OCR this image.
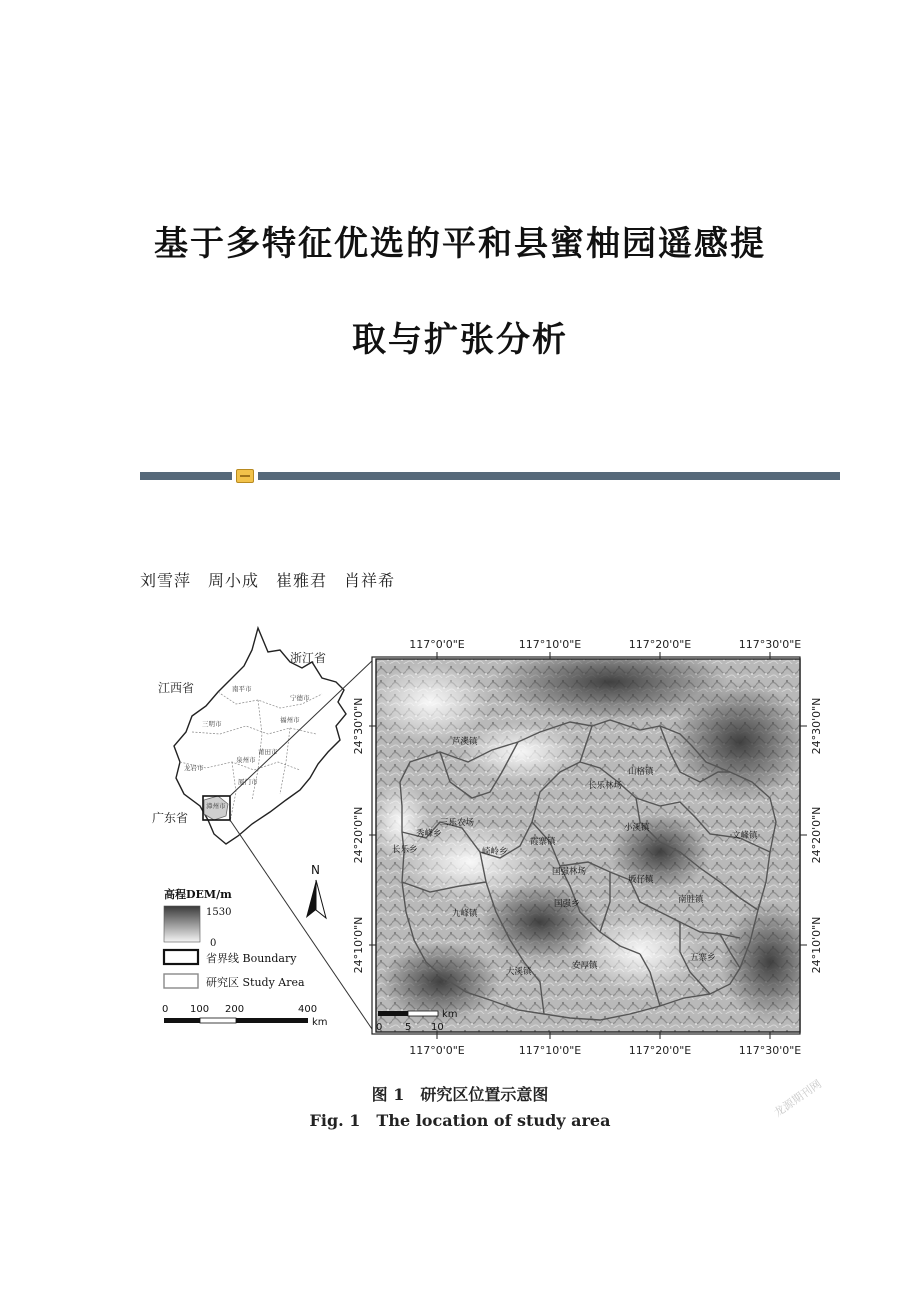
基于多特征优选的平和县蜜柚园遥感提
取与扩张分析
刘雪萍　周小成　崔雅君　肖祥希
浙江省
江西省
广东省
南平市
宁德市
三明市	福州市
龙岩市
泉州市
莆田市
厦门市
漳州市
N
高程DEM/m
1530
0
省界线 Boundary
研究区 Study Area
0 100 200	400
km
117°0'0"E	117°10'0"E	117°20'0"E	117°30'0"E
117°0'0"E	117°10'0"E	117°20'0"E	117°30'0"E
24°30'0"N
24°20'0"N
24°10'0"N
24°30'0"N
24°20'0"N
24°10'0"N
芦溪镇
山格镇
长乐林场
文峰镇
霞寨镇
小溪镇
三乐农场
秀峰乡
崎岭乡
长乐乡
国强林场
坂仔镇
国强乡	南胜镇
九峰镇
五寨乡
安厚镇
大溪镇
km
0 5 10
图 1　研究区位置示意图
Fig. 1　The location of study area
龙源期刊网
